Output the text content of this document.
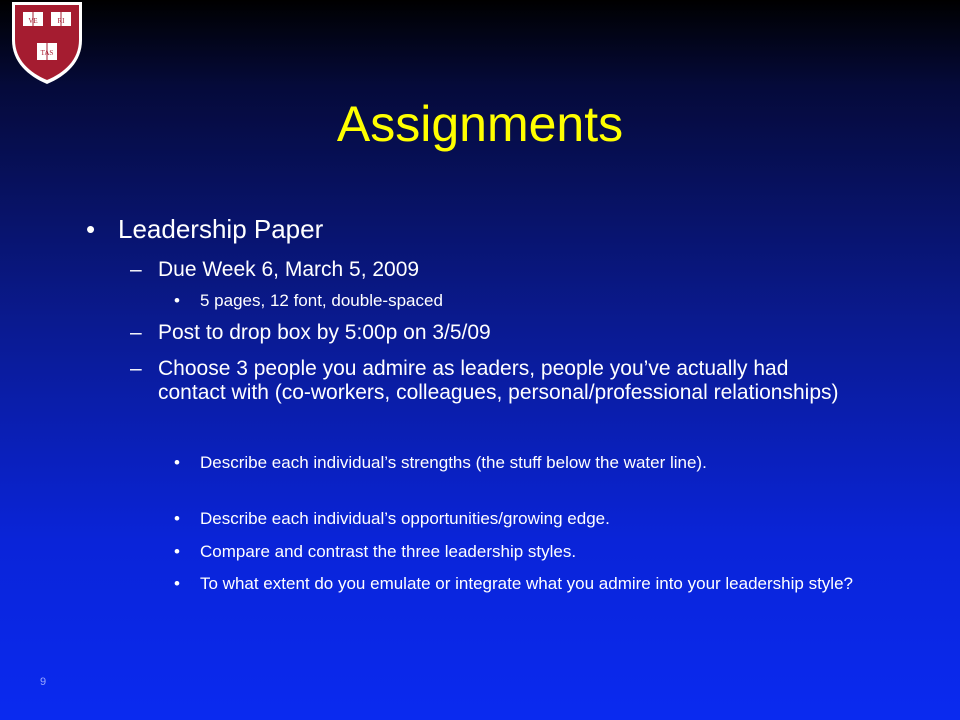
VE	RI
TAS
Assignments
• Leadership Paper
– Due Week 6, March 5, 2009
•	5 pages, 12 font, double-spaced
– Post to drop box by 5:00p on 3/5/09
– Choose 3 people you admire as leaders, people you’ve actually had contact with (co-workers, colleagues, personal/professional relationships)
•	Describe each individual’s strengths (the stuff below the water line).
•	Describe each individual’s opportunities/growing edge.
•	Compare and contrast the three leadership styles.
•	To what extent do you emulate or integrate what you admire into your leadership style?
9
